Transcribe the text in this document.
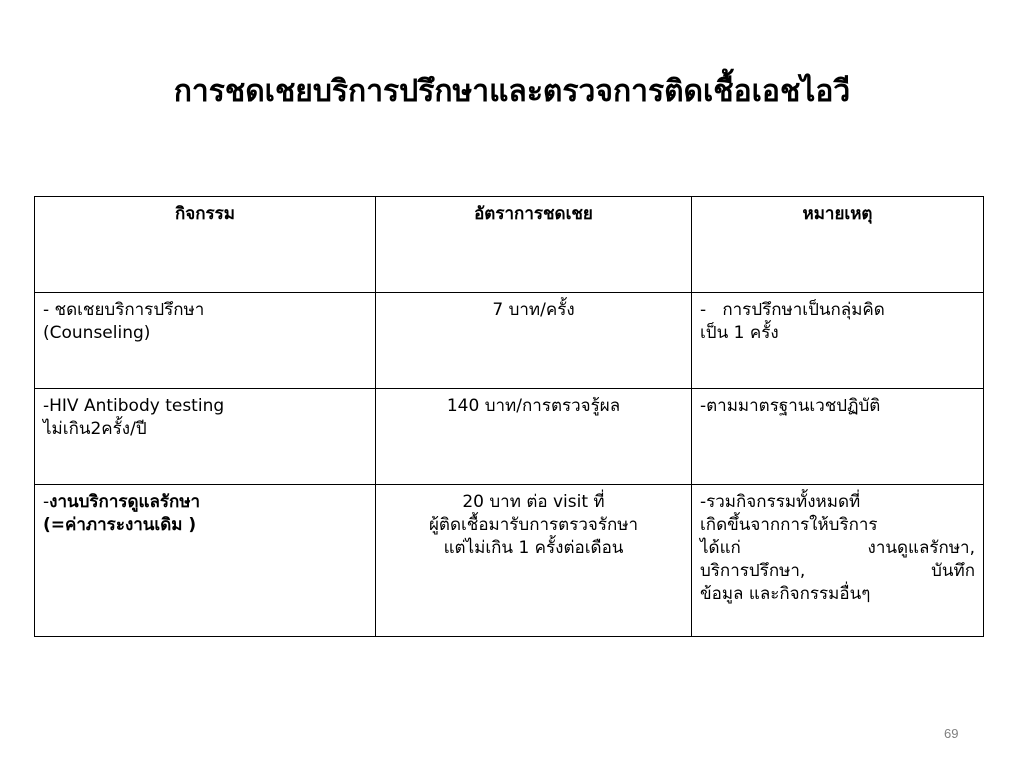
การชดเชยบริการปรึกษาและตรวจการติดเชื้อเอชไอวี
กิจกรรม	อัตราการชดเชย	หมายเหตุ

- ชดเชยบริการปรึกษา
(Counseling)	7 บาท/ครั้ง	-   การปรึกษาเป็นกลุ่มคิด
เป็น 1 ครั้ง

-HIV Antibody testing
ไม่เกิน2ครั้ง/ปี	140 บาท/การตรวจรู้ผล	-ตามมาตรฐานเวชปฏิบัติ

-งานบริการดูแลรักษา
(=ค่าภาระงานเดิม )	20 บาท ต่อ visit ที่
ผู้ติดเชื้อมารับการตรวจรักษา
แต่ไม่เกิน 1 ครั้งต่อเดือน	-รวมกิจกรรมทั้งหมดที่
เกิดขึ้นจากการให้บริการ
ได้แก่ งานดูแลรักษา,
บริการปรึกษา, บันทึก
ข้อมูล และกิจกรรมอื่นๆ
69
